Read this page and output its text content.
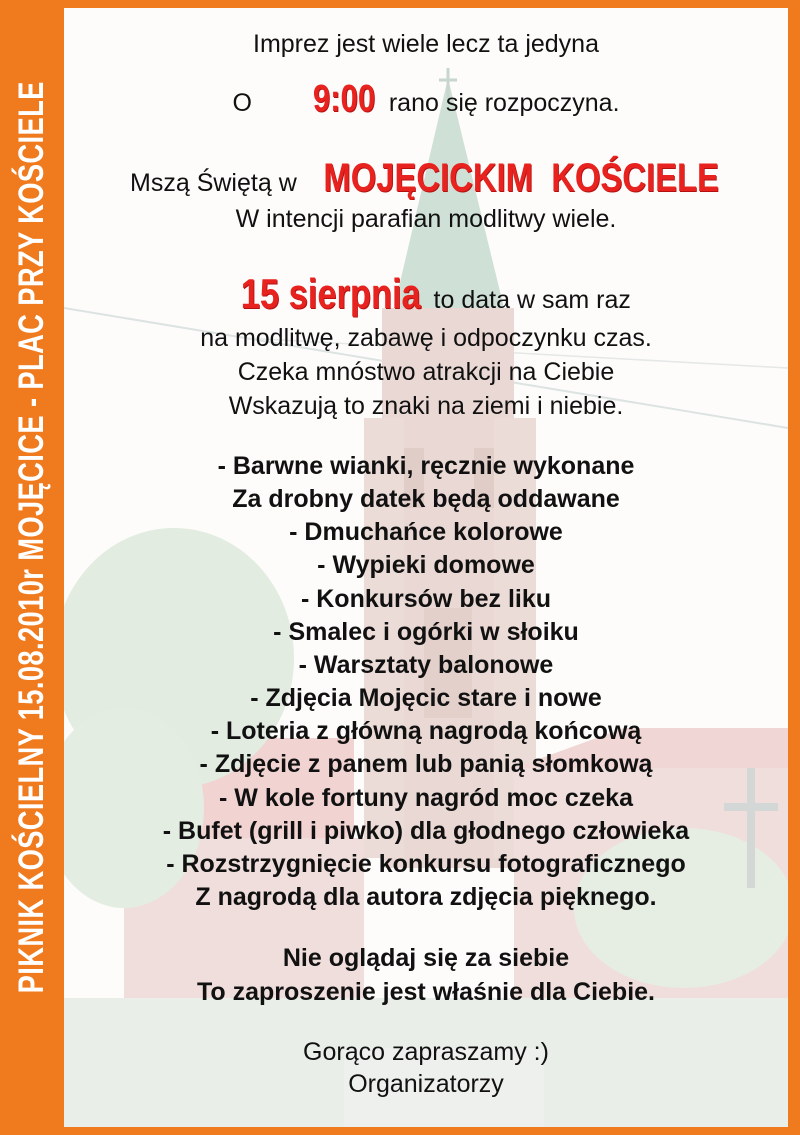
PIKNIK KOŚCIELNY 15.08.2010r MOJĘCICE - PLAC PRZY KOŚCIELE
Imprez jest wiele lecz ta jedyna
O 9:00 rano się rozpoczyna.
Mszą Świętą w MOJĘCICKIM  KOŚCIELE
W intencji parafian modlitwy wiele.
15 sierpnia to data w sam raz
na modlitwę, zabawę i odpoczynku czas.
Czeka mnóstwo atrakcji na Ciebie
Wskazują to znaki na ziemi i niebie.
- Barwne wianki, ręcznie wykonane
Za drobny datek będą oddawane
- Dmuchańce kolorowe
- Wypieki domowe
- Konkursów bez liku
- Smalec i ogórki w słoiku
- Warsztaty balonowe
- Zdjęcia Mojęcic stare i nowe
- Loteria z główną nagrodą końcową
- Zdjęcie z panem lub panią słomkową
- W kole fortuny nagród moc czeka
- Bufet (grill i piwko) dla głodnego człowieka
- Rozstrzygnięcie konkursu fotograficznego
Z nagrodą dla autora zdjęcia pięknego.
Nie oglądaj się za siebie
To zaproszenie jest właśnie dla Ciebie.
Gorąco zapraszamy :)
Organizatorzy
